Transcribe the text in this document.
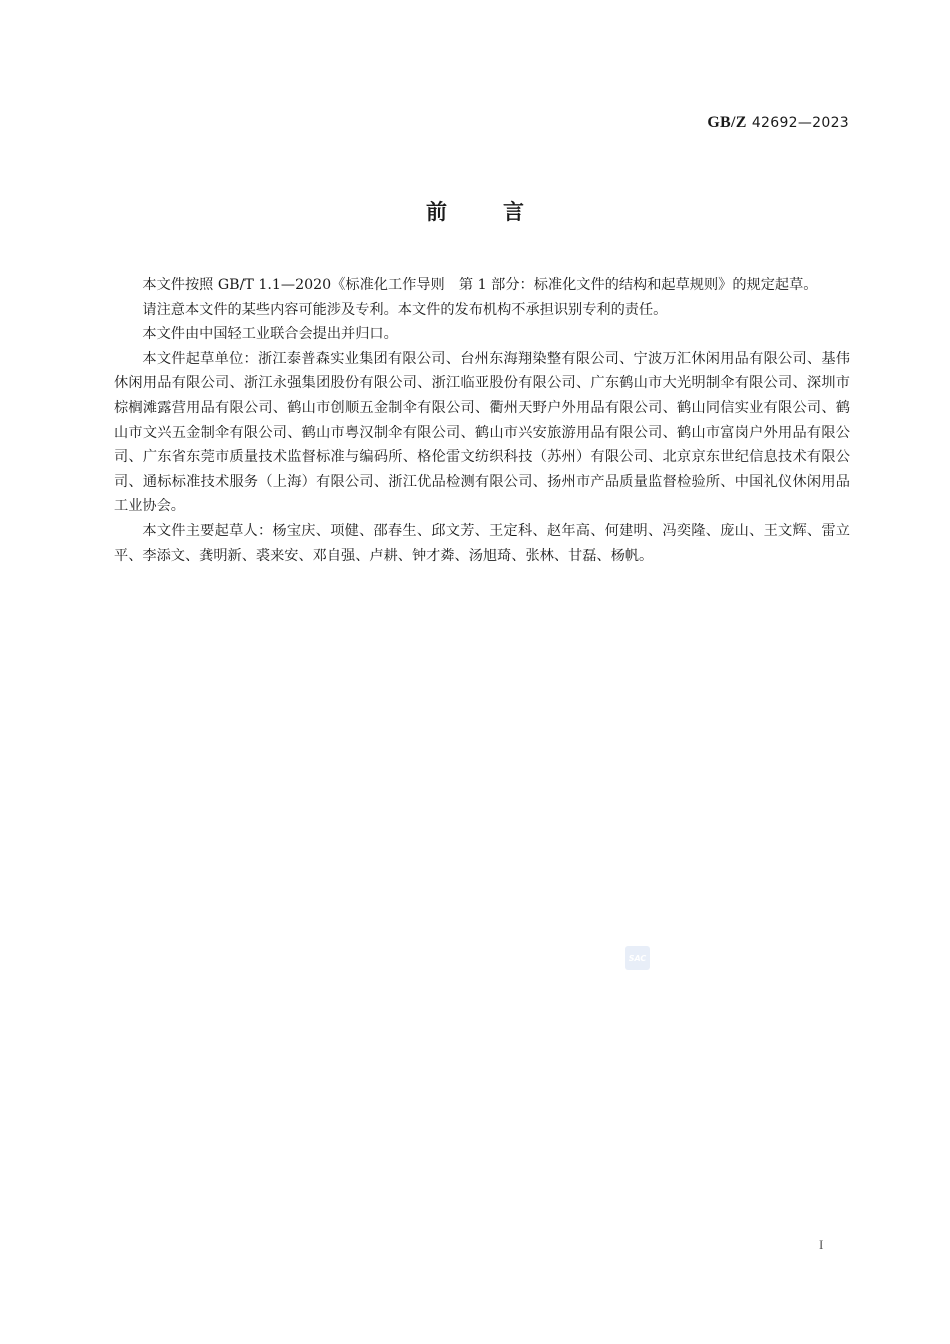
GB/Z 42692—2023
前	言

本文件按照 GB/T 1.1—2020《标准化工作导则　第 1 部分：标准化文件的结构和起草规则》的规定起草。

请注意本文件的某些内容可能涉及专利。本文件的发布机构不承担识别专利的责任。

本文件由中国轻工业联合会提出并归口。

本文件起草单位：浙江泰普森实业集团有限公司、台州东海翔染整有限公司、宁波万汇休闲用品有限公司、基伟休闲用品有限公司、浙江永强集团股份有限公司、浙江临亚股份有限公司、广东鹤山市大光明制伞有限公司、深圳市棕榈滩露营用品有限公司、鹤山市创顺五金制伞有限公司、衢州天野户外用品有限公司、鹤山同信实业有限公司、鹤山市文兴五金制伞有限公司、鹤山市粤汉制伞有限公司、鹤山市兴安旅游用品有限公司、鹤山市富岗户外用品有限公司、广东省东莞市质量技术监督标准与编码所、格伦雷文纺织科技（苏州）有限公司、北京京东世纪信息技术有限公司、通标标准技术服务（上海）有限公司、浙江优品检测有限公司、扬州市产品质量监督检验所、中国礼仪休闲用品工业协会。

本文件主要起草人：杨宝庆、项健、邵春生、邱文芳、王定科、赵年高、何建明、冯奕隆、庞山、王文辉、雷立平、李添文、龚明新、裘来安、邓自强、卢耕、钟才粦、汤旭琦、张林、甘磊、杨帆。

SAC
I
